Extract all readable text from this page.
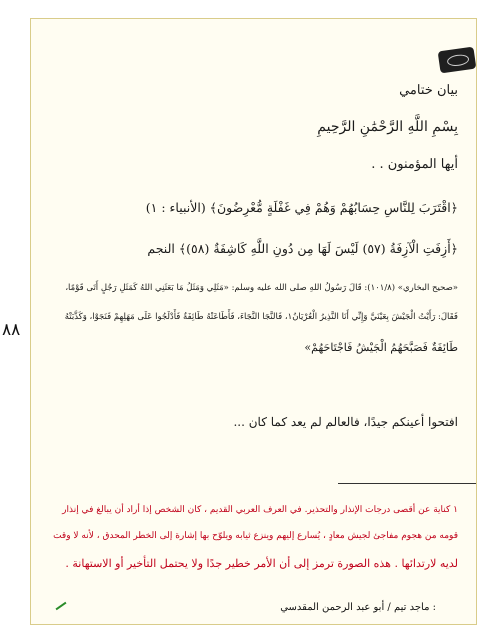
بيان ختامي
بِسْمِ اللَّهِ الرَّحْمَٰنِ الرَّحِيمِ
أيها المؤمنون . .
﴿اقْتَرَبَ لِلنَّاسِ حِسَابُهُمْ وَهُمْ فِي غَفْلَةٍ مُّعْرِضُونَ﴾ (الأنبياء : ١)
﴿أَزِفَتِ الْآزِفَةُ (٥٧) لَيْسَ لَهَا مِن دُونِ اللَّهِ كَاشِفَةٌ (٥٨)﴾ النجم
«صحيح البخاري» (١٠١/٨): قَالَ رَسُولُ اللهِ صلى الله عليه وسلم: «مَثَلِي وَمَثَلُ مَا بَعَثَنِي اللهُ كَمَثَلِ رَجُلٍ أَتَى قَوْمًا،
فَقَالَ: رَأَيْتُ الْجَيْشَ بِعَيْنَيَّ وَإِنِّي أَنَا النَّذِيرُ الْعُرْيَانُ١، فَالنَّجَا النَّجَاءَ، فَأَطَاعَتْهُ طَائِفَةٌ فَأَدْلَجُوا عَلَى مَهَلِهِمْ فَنَجَوْا، وَكَذَّبَتْهُ
طَائِفَةٌ فَصَبَّحَهُمُ الْجَيْشُ فَاجْتَاحَهُمْ»
افتحوا أعينكم جيدًا، فالعالم لم يعد كما كان ...
١ كناية عن أقصى درجات الإنذار والتحذير. في العرف العربي القديم ، كان الشخص إذا أراد أن يبالغ في إنذار
قومه من هجوم مفاجئ لجيش معادٍ ، يُسارع إليهم وينزع ثيابه ويلوّح بها إشارة إلى الخطر المحدق ، لأنه لا وقت
لديه لارتدائها . هذه الصورة ترمز إلى أن الأمر خطير جدًا ولا يحتمل التأخير أو الاستهانة .
: ماجد تيم / أبو عبد الرحمن المقدسي
٨٨
